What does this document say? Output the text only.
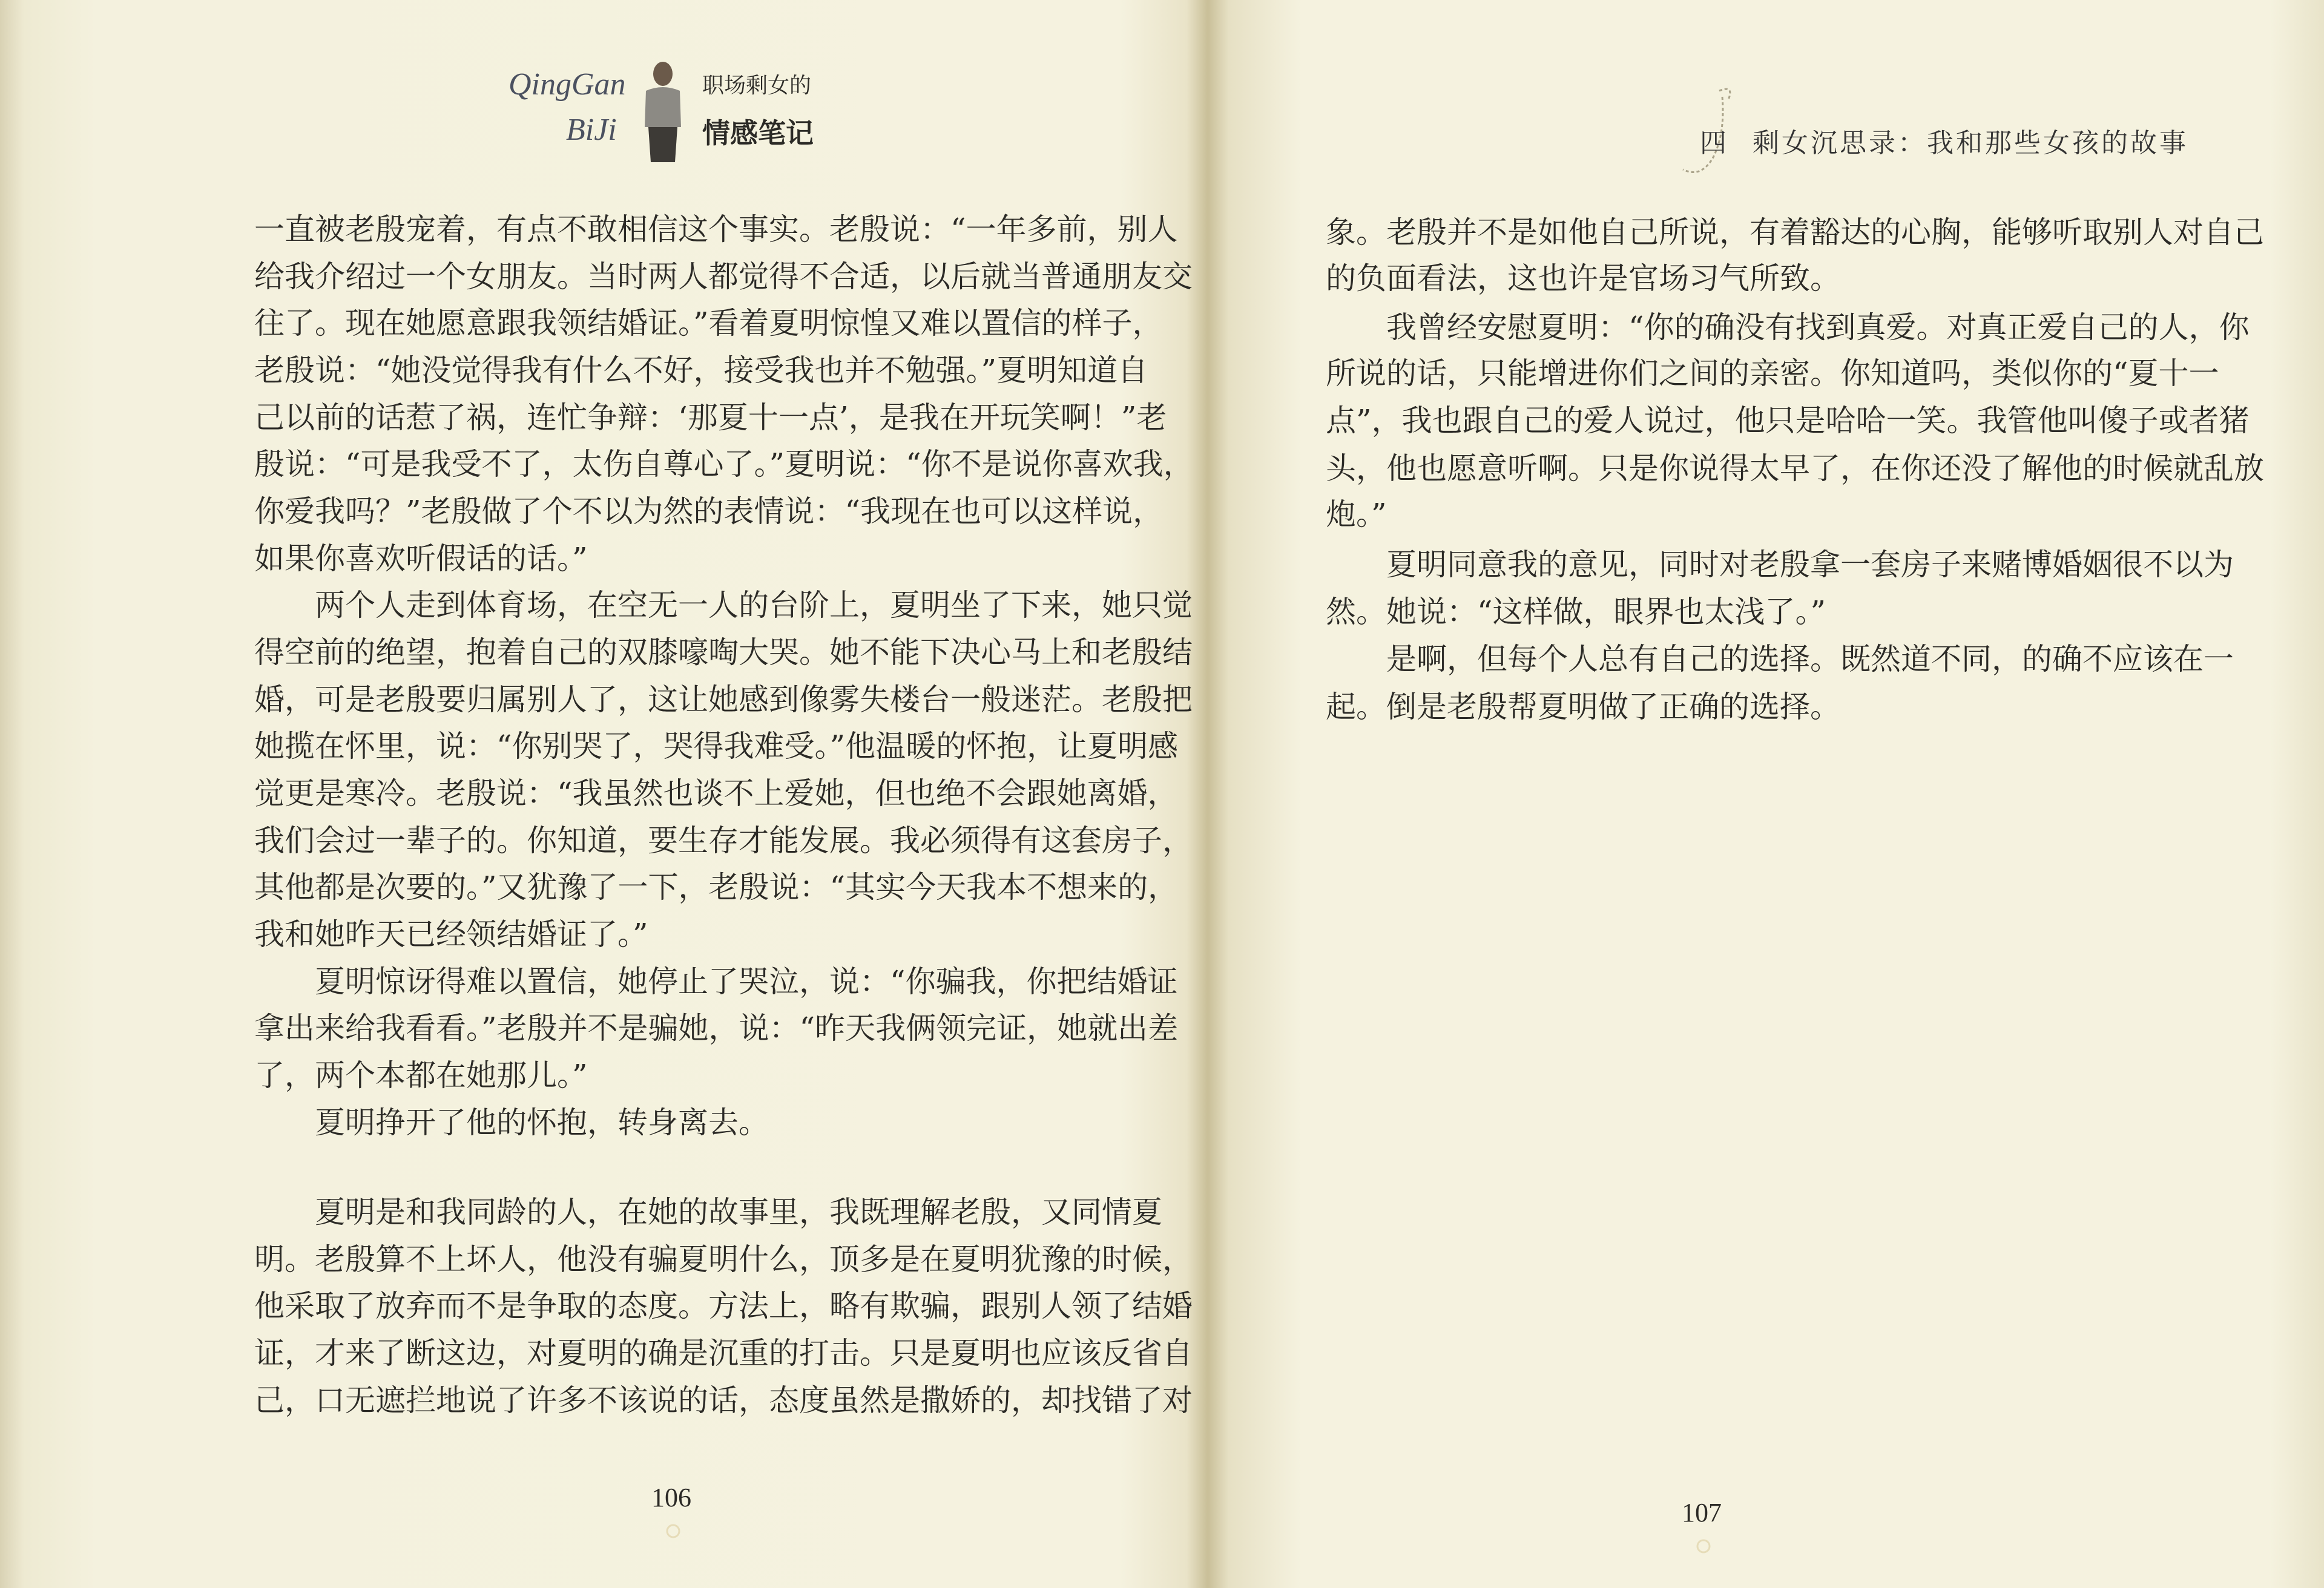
QingGan
BiJi
职场剩女的
情感笔记
一直被老殷宠着，有点不敢相信这个事实。老殷说：“一年多前，别人
给我介绍过一个女朋友。当时两人都觉得不合适，以后就当普通朋友交
往了。现在她愿意跟我领结婚证。”看着夏明惊惶又难以置信的样子，
老殷说：“她没觉得我有什么不好，接受我也并不勉强。”夏明知道自
己以前的话惹了祸，连忙争辩：‘那夏十一点’，是我在开玩笑啊！”老
殷说：“可是我受不了，太伤自尊心了。”夏明说：“你不是说你喜欢我，
你爱我吗？”老殷做了个不以为然的表情说：“我现在也可以这样说，
如果你喜欢听假话的话。”
两个人走到体育场，在空无一人的台阶上，夏明坐了下来，她只觉
得空前的绝望，抱着自己的双膝嚎啕大哭。她不能下决心马上和老殷结
婚，可是老殷要归属别人了，这让她感到像雾失楼台一般迷茫。老殷把
她揽在怀里，说：“你别哭了，哭得我难受。”他温暖的怀抱，让夏明感
觉更是寒冷。老殷说：“我虽然也谈不上爱她，但也绝不会跟她离婚，
我们会过一辈子的。你知道，要生存才能发展。我必须得有这套房子，
其他都是次要的。”又犹豫了一下，老殷说：“其实今天我本不想来的，
我和她昨天已经领结婚证了。”
夏明惊讶得难以置信，她停止了哭泣，说：“你骗我，你把结婚证
拿出来给我看看。”老殷并不是骗她，说：“昨天我俩领完证，她就出差
了，两个本都在她那儿。”
夏明挣开了他的怀抱，转身离去。
夏明是和我同龄的人，在她的故事里，我既理解老殷，又同情夏
明。老殷算不上坏人，他没有骗夏明什么，顶多是在夏明犹豫的时候，
他采取了放弃而不是争取的态度。方法上，略有欺骗，跟别人领了结婚
证，才来了断这边，对夏明的确是沉重的打击。只是夏明也应该反省自
己，口无遮拦地说了许多不该说的话，态度虽然是撒娇的，却找错了对
106
四 剩女沉思录：我和那些女孩的故事
象。老殷并不是如他自己所说，有着豁达的心胸，能够听取别人对自己
的负面看法，这也许是官场习气所致。
我曾经安慰夏明：“你的确没有找到真爱。对真正爱自己的人，你
所说的话，只能增进你们之间的亲密。你知道吗，类似你的“夏十一
点”，我也跟自己的爱人说过，他只是哈哈一笑。我管他叫傻子或者猪
头，他也愿意听啊。只是你说得太早了，在你还没了解他的时候就乱放
炮。”
夏明同意我的意见，同时对老殷拿一套房子来赌博婚姻很不以为
然。她说：“这样做，眼界也太浅了。”
是啊，但每个人总有自己的选择。既然道不同，的确不应该在一
起。倒是老殷帮夏明做了正确的选择。
107
